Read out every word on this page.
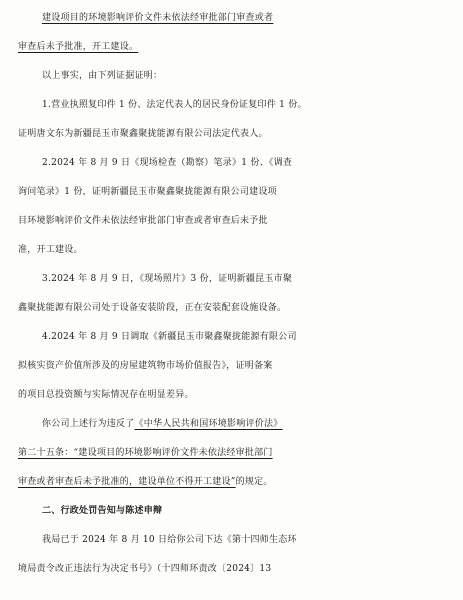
建设项目的环境影响评价文件未依法经审批部门审查或者
审查后未予批准，开工建设。
以上事实，由下列证据证明：
1.营业执照复印件 1 份、法定代表人的居民身份证复印件 1 份。
证明唐文东为新疆昆玉市聚鑫聚拢能源有限公司法定代表人。
2.2024 年 8 月 9 日《现场检查（勘察）笔录》1 份、《调查
询问笔录》1 份，证明新疆昆玉市聚鑫聚拢能源有限公司建设项
目环境影响评价文件未依法经审批部门审查或者审查后未予批
准，开工建设。
3.2024 年 8 月 9 日，《现场照片》3 份，证明新疆昆玉市聚
鑫聚拢能源有限公司处于设备安装阶段，正在安装配套设施设备。
4.2024 年 8 月 9 日调取《新疆昆玉市聚鑫聚拢能源有限公司
拟核实资产价值所涉及的房屋建筑物市场价值报告》，证明备案
的项目总投资额与实际情况存在明显差异。
你公司上述行为违反了《中华人民共和国环境影响评价法》
第二十五条：“建设项目的环境影响评价文件未依法经审批部门
审查或者审查后未予批准的，建设单位不得开工建设”的规定。
二、行政处罚告知与陈述申辩
我局已于 2024 年 8 月 10 日给你公司下达《第十四师生态环
境局责令改正违法行为决定书号》（十四师环责改〔2024〕13
